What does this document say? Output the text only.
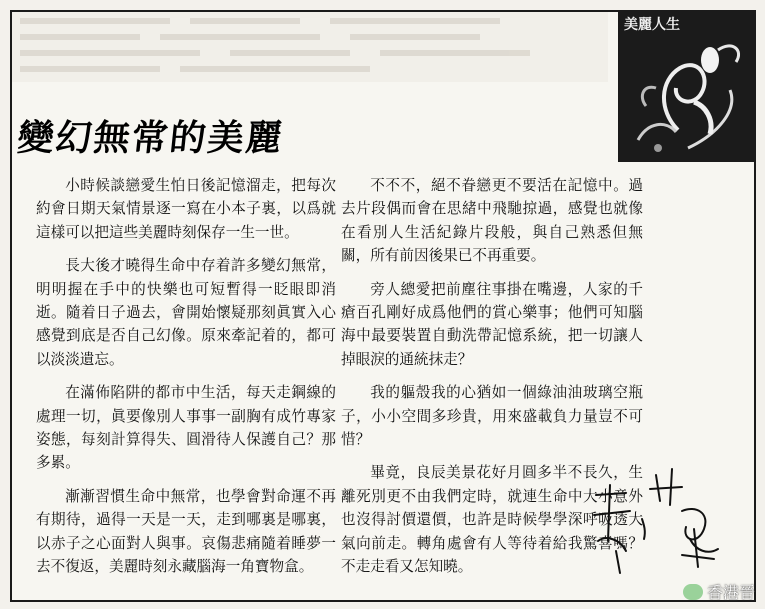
美麗人生
變幻無常的美麗

小時候談戀愛生怕日後記憶溜走，把每次約會日期天氣情景逐一寫在小本子裏，以爲就這樣可以把這些美麗時刻保存一生一世。

長大後才曉得生命中存着許多變幻無常，明明握在手中的快樂也可短暫得一眨眼即消逝。隨着日子過去，會開始懷疑那刻眞實入心感覺到底是否自己幻像。原來牽記着的，都可以淡淡遺忘。

在滿佈陷阱的都市中生活，每天走鋼線的處理一切，眞要像別人事事一副胸有成竹專家姿態，每刻計算得失、圓滑待人保護自己？那多累。

漸漸習慣生命中無常，也學會對命運不再有期待，過得一天是一天，走到哪裏是哪裏，以赤子之心面對人與事。哀傷悲痛隨着睡夢一去不復返，美麗時刻永藏腦海一角寶物盒。

不不不，絕不眷戀更不要活在記憶中。過去片段偶而會在思緒中飛馳掠過，感覺也就像在看別人生活紀錄片段般，與自己熟悉但無關，所有前因後果已不再重要。

旁人總愛把前塵往事掛在嘴邊，人家的千瘡百孔剛好成爲他們的賞心樂事；他們可知腦海中最要裝置自動洗帶記憶系統，把一切讓人掉眼淚的通統抹走？

我的軀殼我的心猶如一個綠油油玻璃空瓶子，小小空間多珍貴，用來盛載負力量豈不可惜？

畢竟，良辰美景花好月圓多半不長久，生離死別更不由我們定時，就連生命中大小意外也沒得討價還價，也許是時候學學深呼吸透大氣向前走。轉角處會有人等待着給我驚喜嗎？不走走看又怎知曉。

香港晉
